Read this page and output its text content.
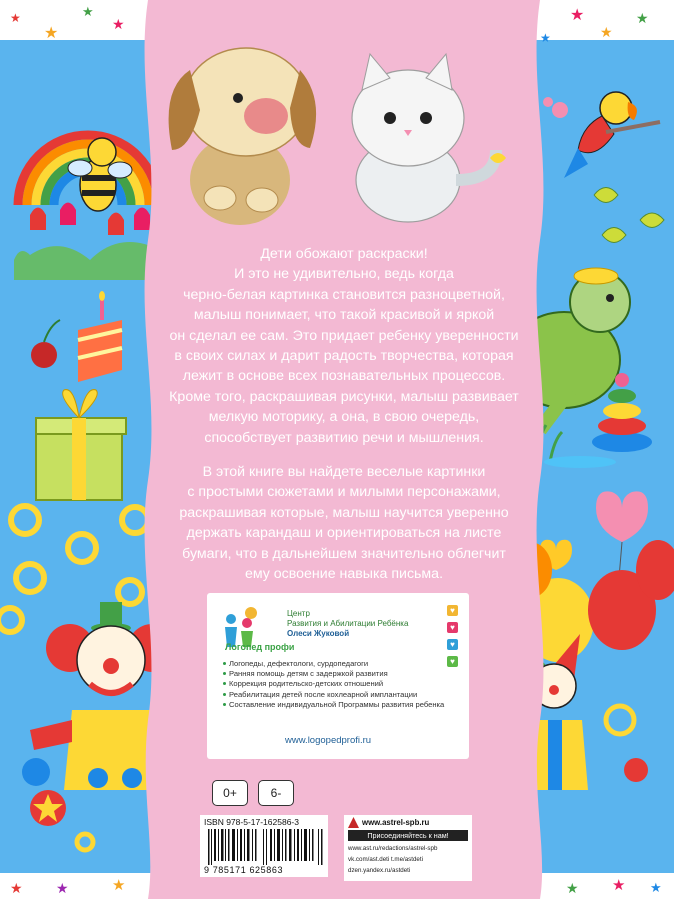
★
★	★
★	★
★
★
★
★ ★	★	★ ★ ★

Дети обожают раскраски!
И это не удивительно, ведь когда
черно-белая картинка становится разноцветной,
малыш понимает, что такой красивой и яркой
он сделал ее сам. Это придает ребенку уверенности
в своих силах и дарит радость творчества, которая
лежит в основе всех познавательных процессов.
Кроме того, раскрашивая рисунки, малыш развивает
мелкую моторику, а она, в свою очередь,
способствует развитию речи и мышления.

В этой книге вы найдете веселые картинки
с простыми сюжетами и милыми персонажами,
раскрашивая которые, малыш научится уверенно
держать карандаш и ориентироваться на листе
бумаги, что в дальнейшем значительно облегчит
ему освоение навыка письма.

Логопед профи
Центр
Развития и Абилитации Ребёнка
Олеси Жуковой
♥
♥
♥
♥
Логопеды, дефектологи, сурдопедагоги
Ранняя помощь детям с задержкой развития
Коррекция родительско-детских отношений
Реабилитация детей после кохлеарной имплантации
Составление индивидуальной Программы развития ребенка
www.logopedprofi.ru
0+	6-
ISBN 978-5-17-162586-3
9 785171 625863
www.astrel-spb.ru
Присоединяйтесь к нам!
www.ast.ru/redactions/astrel-spb
vk.com/ast.deti t.me/astdeti
dzen.yandex.ru/astdeti
